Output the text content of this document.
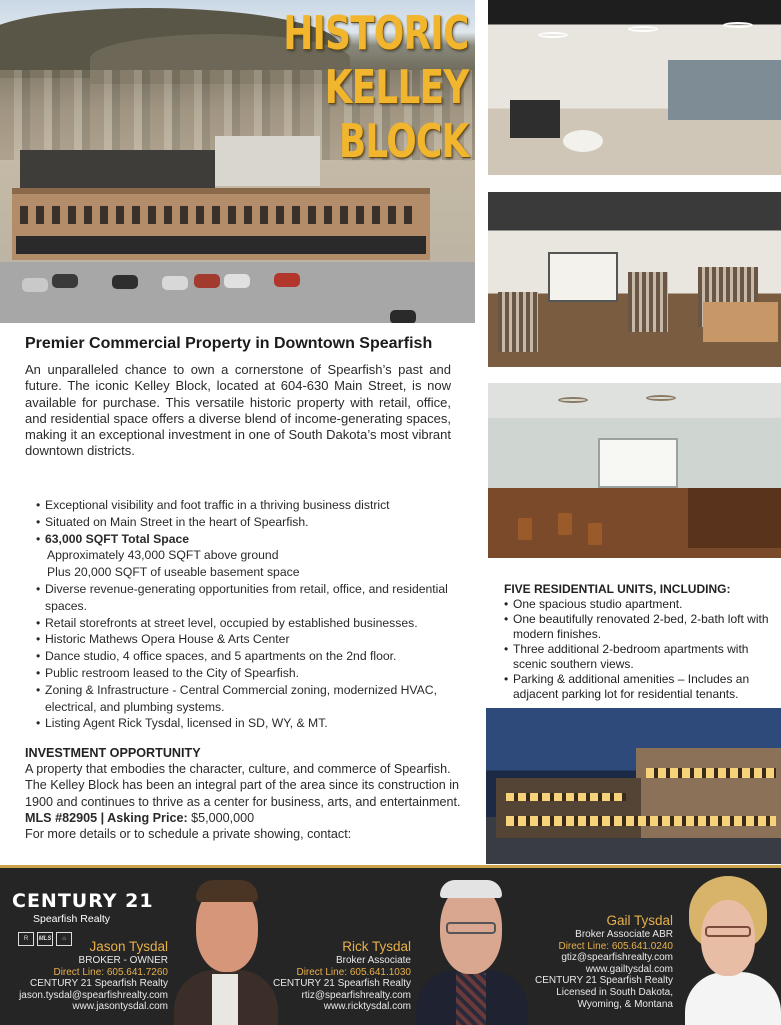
HISTORIC
KELLEY
BLOCK
Premier Commercial Property in Downtown Spearfish

An unparalleled chance to own a cornerstone of Spearfish’s past and future. The iconic Kelley Block, located at 604-630 Main Street, is now available for purchase. This versatile historic property with retail, office, and residential space offers a diverse blend of income-generating spaces, making it an exceptional investment in one of South Dakota’s most vibrant downtown districts.

• Exceptional visibility and foot traffic in a thriving business district
• Situated on Main Street in the heart of Spearfish.
• 63,000 SQFT Total Space
Approximately 43,000 SQFT above ground
Plus 20,000 SQFT of useable basement space
• Diverse revenue-generating opportunities from retail, office, and residential spaces.
• Retail storefronts at street level, occupied by established businesses.
• Historic Mathews Opera House & Arts Center
• Dance studio, 4 office spaces, and 5 apartments on the 2nd floor.
• Public restroom leased to the City of Spearfish.
• Zoning & Infrastructure - Central Commercial zoning, modernized HVAC, electrical, and plumbing systems.
• Listing Agent Rick Tysdal, licensed in SD, WY, & MT.
FIVE RESIDENTIAL UNITS, INCLUDING:
• One spacious studio apartment.
• One beautifully renovated 2-bed, 2-bath loft with modern finishes.
• Three additional 2-bedroom apartments with scenic southern views.
• Parking & additional amenities – Includes an adjacent parking lot for residential tenants.
INVESTMENT OPPORTUNITY

A property that embodies the character, culture, and commerce of Spearfish. The Kelley Block has been an integral part of the area since its construction in 1900 and continues to thrive as a center for business, arts, and entertainment.

MLS #82905 | Asking Price: $5,000,000

For more details or to schedule a private showing, contact:

CENTURY 21
Spearfish Realty
R	MLS	⌂	Jason Tysdal
BROKER - OWNER
Direct Line: 605.641.7260
CENTURY 21 Spearfish Realty
jason.tysdal@spearfishrealty.com
www.jasontysdal.com
Rick Tysdal
Broker Associate
Direct Line: 605.641.1030
CENTURY 21 Spearfish Realty
rtiz@spearfishrealty.com
www.ricktysdal.com
Gail Tysdal
Broker Associate ABR
Direct Line: 605.641.0240
gtiz@spearfishrealty.com
www.gailtysdal.com
CENTURY 21 Spearfish Realty
Licensed in South Dakota,
Wyoming, & Montana
